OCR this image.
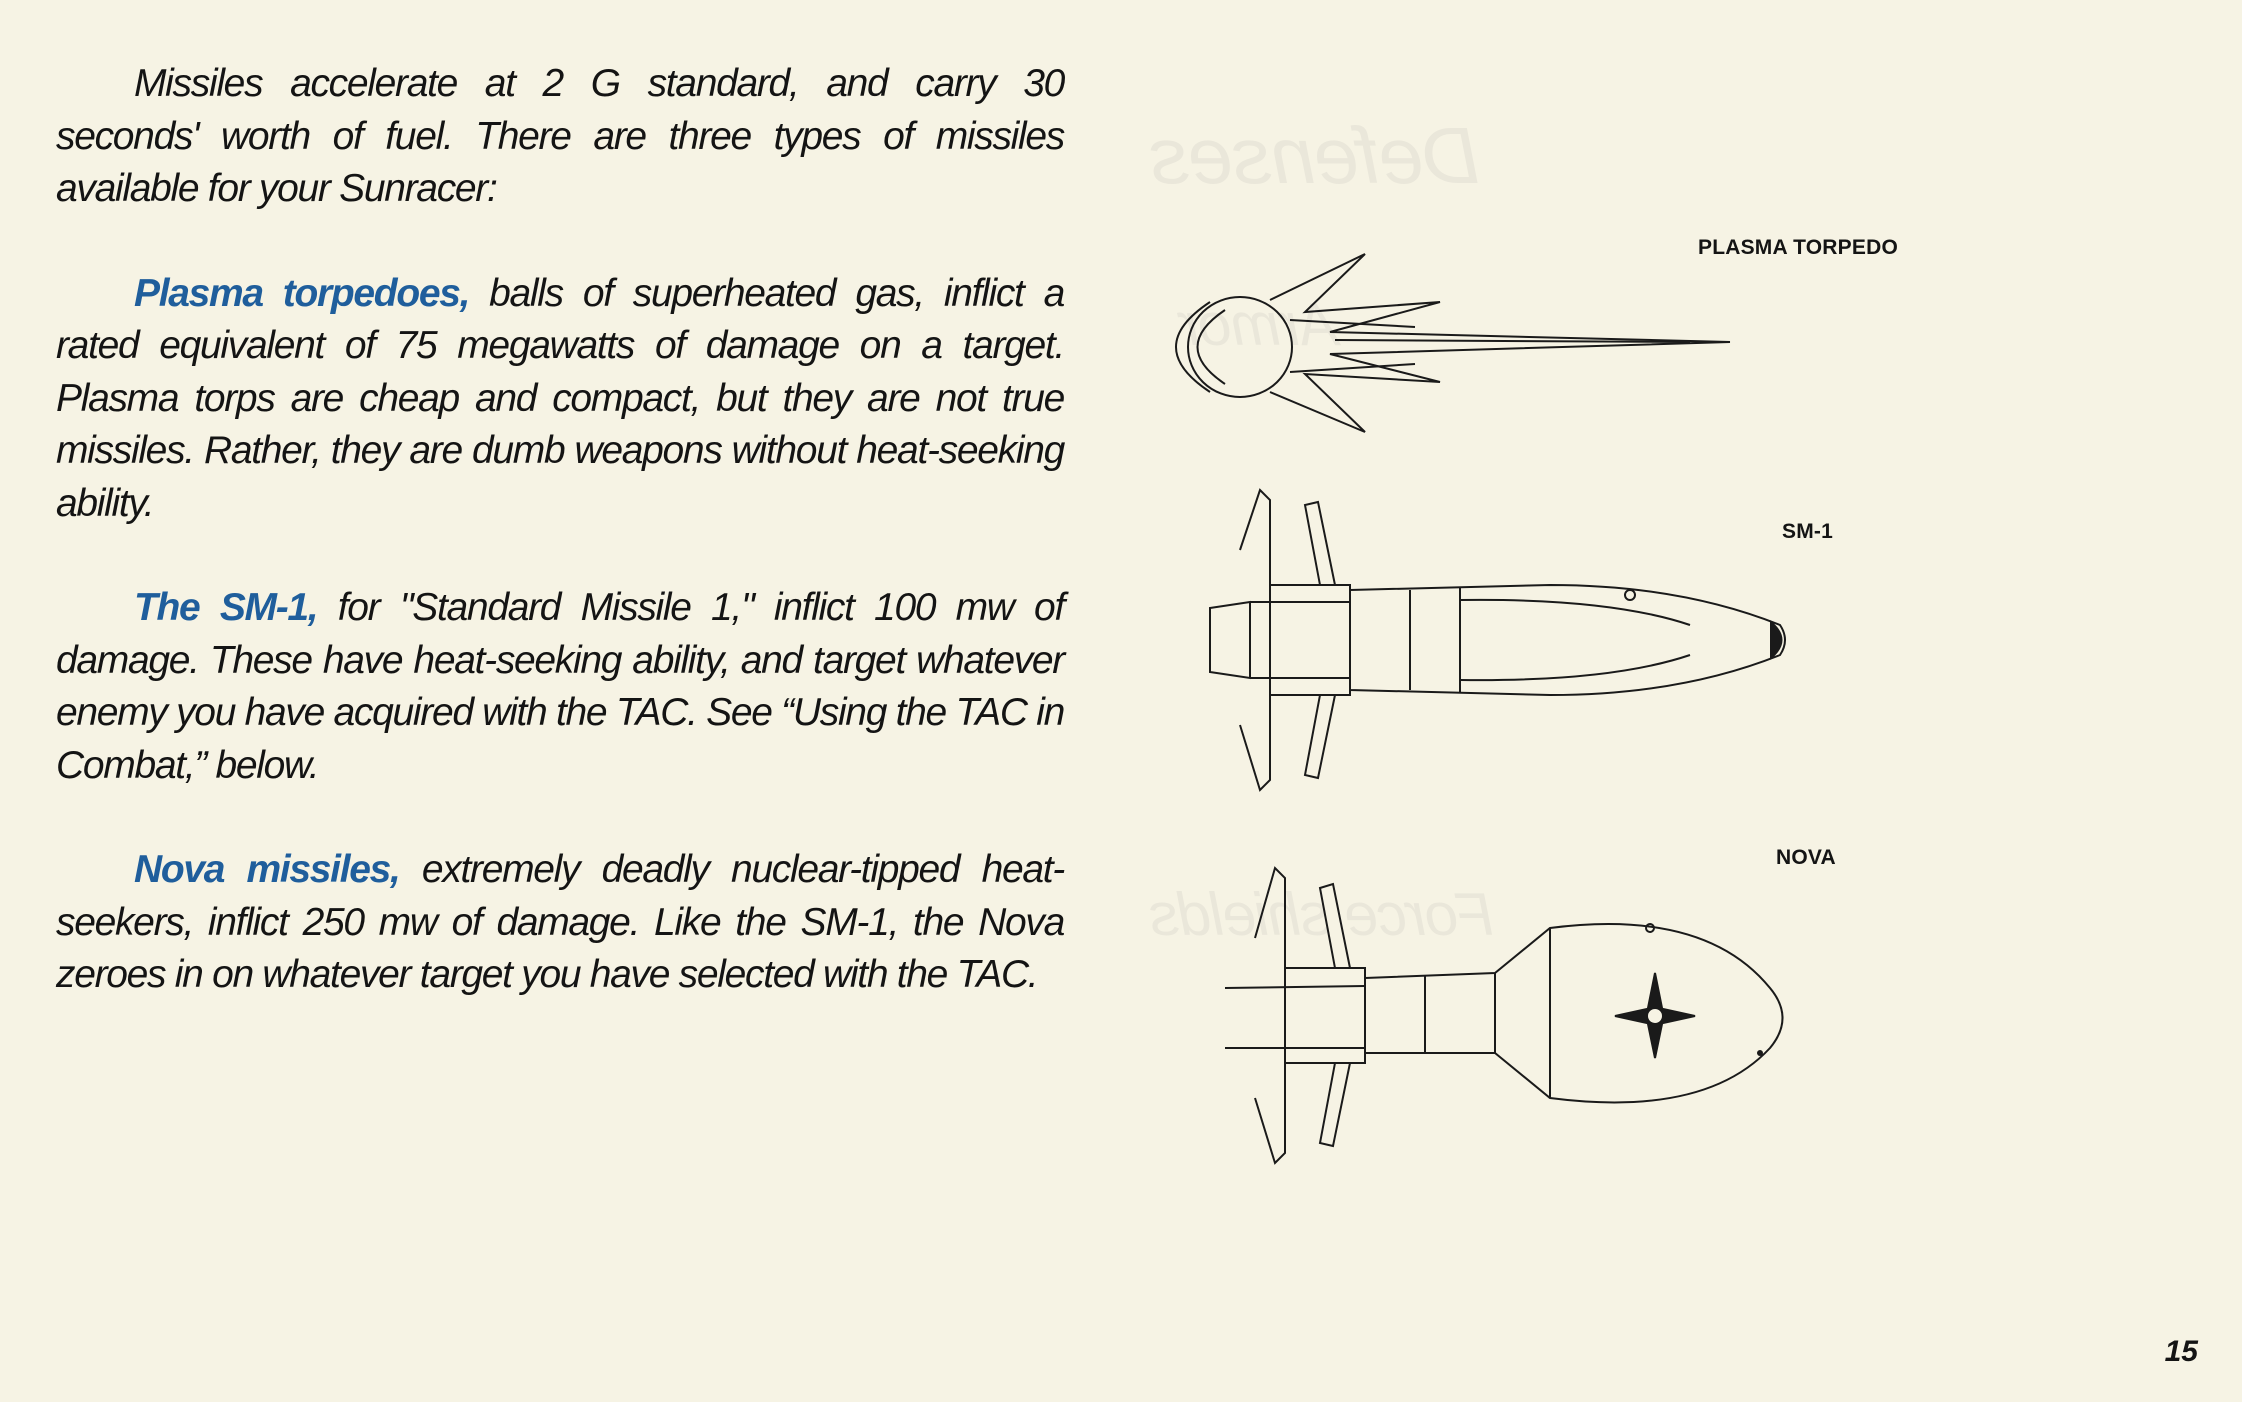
Defenses
Armor
Force shields

Missiles accelerate at 2 G standard, and carry 30 seconds' worth of fuel. There are three types of missiles available for your Sunracer:

Plasma torpedoes, balls of superheated gas, inflict a rated equivalent of 75 megawatts of damage on a target. Plasma torps are cheap and compact, but they are not true missiles. Rather, they are dumb weapons without heat-seeking ability.

The SM-1, for "Standard Missile 1," inflict 100 mw of damage. These have heat-seeking ability, and target whatever enemy you have acquired with the TAC. See “Using the TAC in Combat,” below.

Nova missiles, extremely deadly nuclear-tipped heat-seekers, inflict 250 mw of damage. Like the SM-1, the Nova zeroes in on whatever target you have selected with the TAC.

PLASMA TORPEDO
SM-1
NOVA
15
